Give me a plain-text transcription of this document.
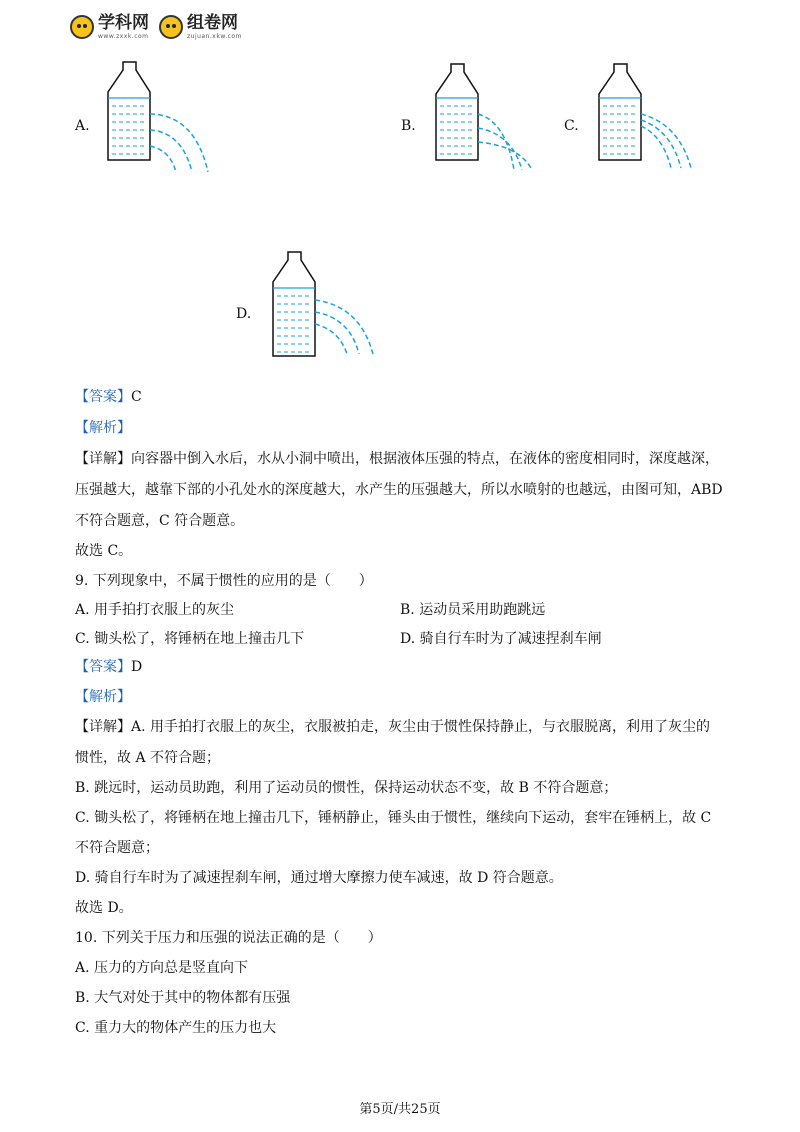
学科网
www.zxxk.com
组卷网
zujuan.xkw.com
A.	B.	C.
D.
【答案】C
【解析】
【详解】向容器中倒入水后，水从小洞中喷出，根据液体压强的特点，在液体的密度相同时，深度越深，
压强越大，越靠下部的小孔处水的深度越大，水产生的压强越大，所以水喷射的也越远，由图可知，ABD
不符合题意，C 符合题意。
故选 C。
9. 下列现象中，不属于惯性的应用的是（　　）
A. 用手拍打衣服上的灰尘	B. 运动员采用助跑跳远
C. 锄头松了，将锤柄在地上撞击几下	D. 骑自行车时为了减速捏刹车闸
【答案】D
【解析】
【详解】A. 用手拍打衣服上的灰尘，衣服被拍走，灰尘由于惯性保持静止，与衣服脱离，利用了灰尘的
惯性，故 A 不符合题；
B. 跳远时，运动员助跑，利用了运动员的惯性，保持运动状态不变，故 B 不符合题意；
C. 锄头松了，将锤柄在地上撞击几下，锤柄静止，锤头由于惯性，继续向下运动，套牢在锤柄上，故 C
不符合题意；
D. 骑自行车时为了减速捏刹车闸，通过增大摩擦力使车减速，故 D 符合题意。
故选 D。
10. 下列关于压力和压强的说法正确的是（　　）
A. 压力的方向总是竖直向下
B. 大气对处于其中的物体都有压强
C. 重力大的物体产生的压力也大
第5页/共25页
